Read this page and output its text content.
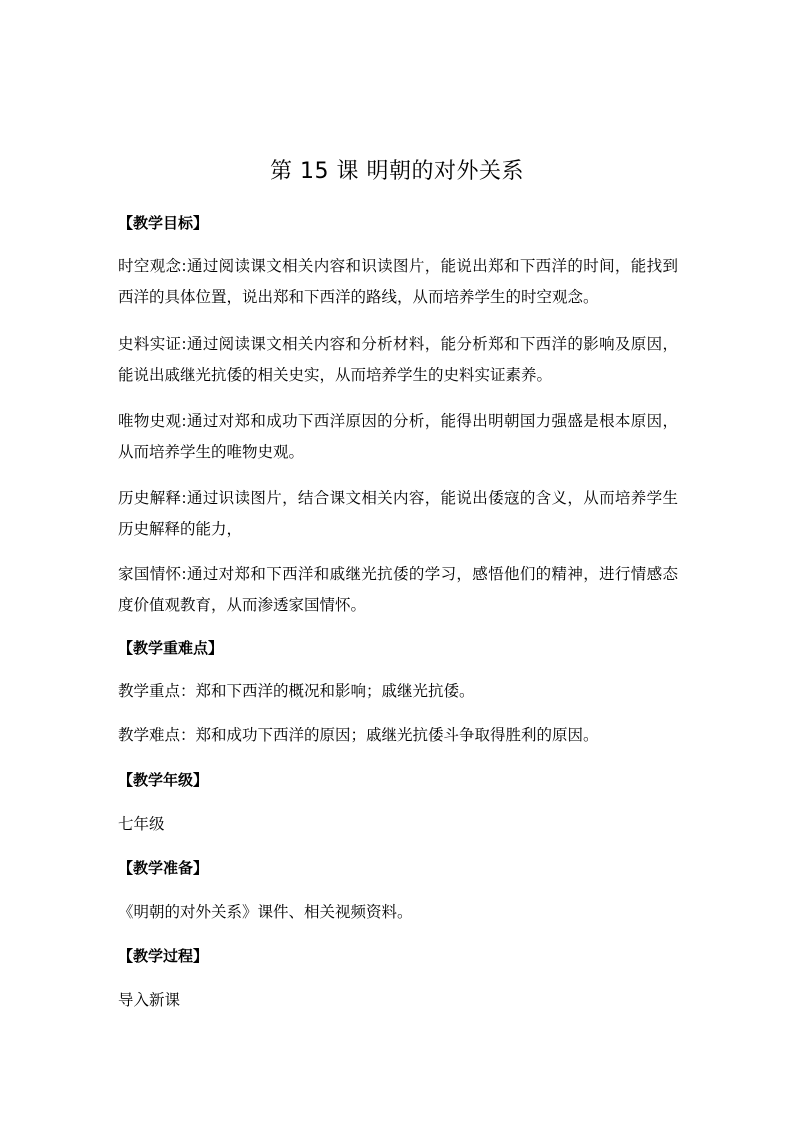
第 15 课 明朝的对外关系

【教学目标】

时空观念:通过阅读课文相关内容和识读图片，能说出郑和下西洋的时间，能找到西洋的具体位置，说出郑和下西洋的路线，从而培养学生的时空观念。

史料实证:通过阅读课文相关内容和分析材料，能分析郑和下西洋的影响及原因，能说出戚继光抗倭的相关史实，从而培养学生的史料实证素养。

唯物史观:通过对郑和成功下西洋原因的分析，能得出明朝国力强盛是根本原因，从而培养学生的唯物史观。

历史解释:通过识读图片，结合课文相关内容，能说出倭寇的含义，从而培养学生历史解释的能力，

家国情怀:通过对郑和下西洋和戚继光抗倭的学习，感悟他们的精神，进行情感态度价值观教育，从而渗透家国情怀。

【教学重难点】

教学重点：郑和下西洋的概况和影响；戚继光抗倭。

教学难点：郑和成功下西洋的原因；戚继光抗倭斗争取得胜利的原因。

【教学年级】

七年级

【教学准备】

《明朝的对外关系》课件、相关视频资料。

【教学过程】

导入新课
